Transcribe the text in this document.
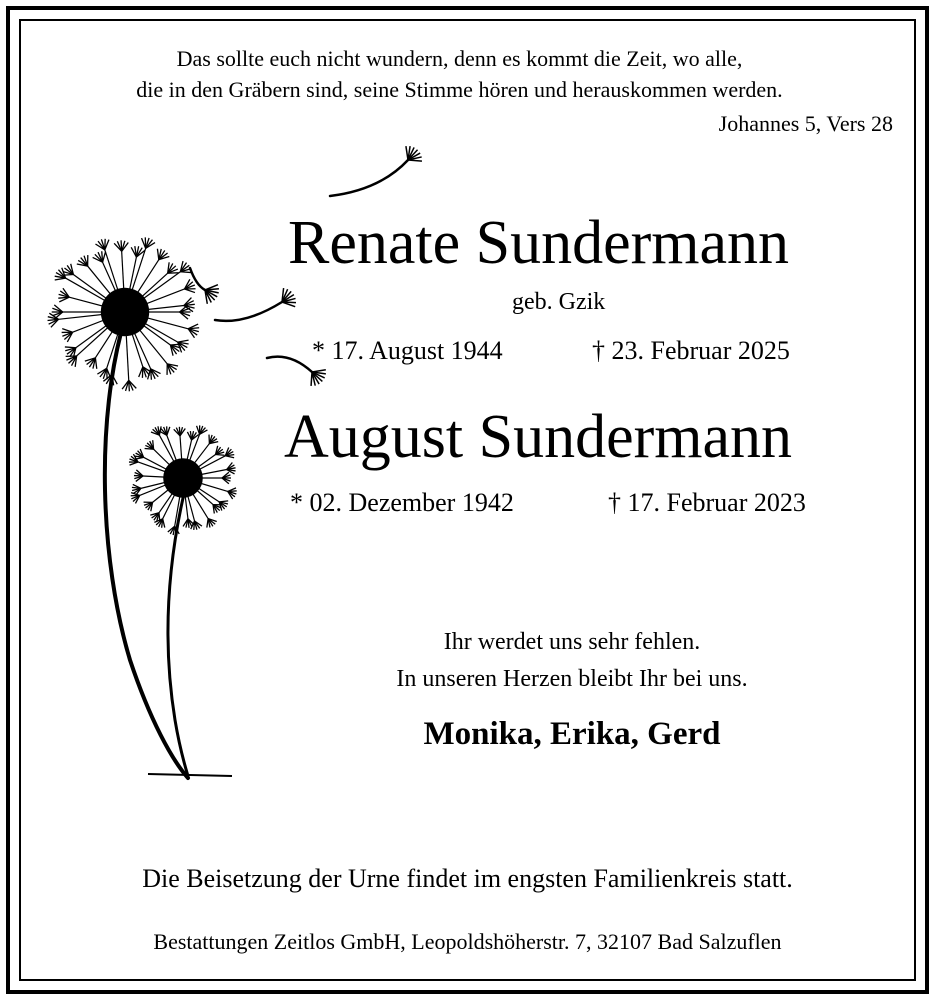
Das sollte euch nicht wundern, denn es kommt die Zeit, wo alle,
die in den Gräbern sind, seine Stimme hören und herauskommen werden.
Johannes 5, Vers 28
Renate Sundermann
geb. Gzik
* 17. August 1944	† 23. Februar 2025
August Sundermann
* 02. Dezember 1942	† 17. Februar 2023
Ihr werdet uns sehr fehlen.
In unseren Herzen bleibt Ihr bei uns.
Monika, Erika, Gerd
Die Beisetzung der Urne findet im engsten Familienkreis statt.
Bestattungen Zeitlos GmbH, Leopoldshöherstr. 7, 32107 Bad Salzuflen
